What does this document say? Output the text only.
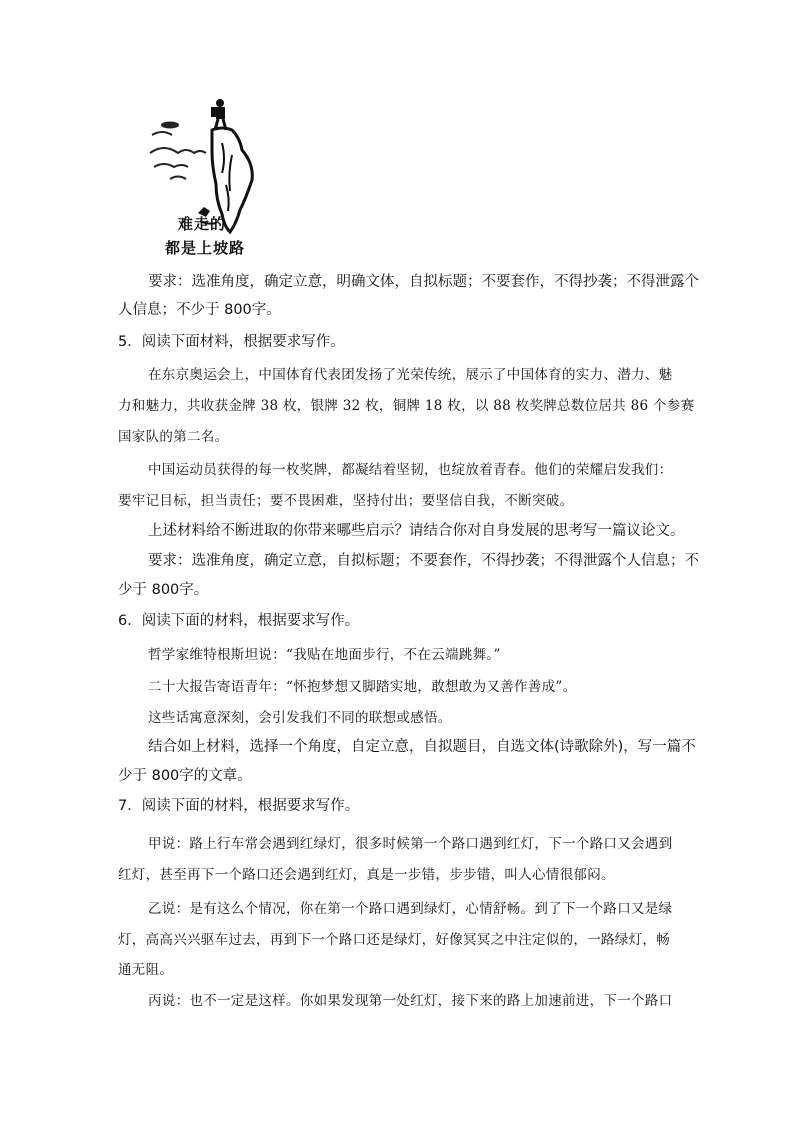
难走的
都是上坡路
要求：选准角度，确定立意，明确文体，自拟标题；不要套作，不得抄袭；不得泄露个
人信息；不少于 800字。
5．阅读下面材料，根据要求写作。
在东京奥运会上，中国体育代表团发扬了光荣传统，展示了中国体育的实力、潜力、魅
力和魅力，共收获金牌 38 枚，银牌 32 枚，铜牌 18 枚，以 88 枚奖牌总数位居共 86 个参赛
国家队的第二名。
中国运动员获得的每一枚奖牌，都凝结着坚韧，也绽放着青春。他们的荣耀启发我们：
要牢记目标，担当责任；要不畏困难，坚持付出；要坚信自我，不断突破。
上述材料给不断进取的你带来哪些启示？请结合你对自身发展的思考写一篇议论文。
要求：选准角度，确定立意，自拟标题；不要套作，不得抄袭；不得泄露个人信息；不
少于 800字。
6．阅读下面的材料，根据要求写作。
哲学家维特根斯坦说：“我贴在地面步行，不在云端跳舞。”
二十大报告寄语青年：“怀抱梦想又脚踏实地，敢想敢为又善作善成”。
这些话寓意深刻，会引发我们不同的联想或感悟。
结合如上材料，选择一个角度，自定立意，自拟题目，自选文体(诗歌除外)，写一篇不
少于 800字的文章。
7．阅读下面的材料，根据要求写作。
甲说：路上行车常会遇到红绿灯，很多时候第一个路口遇到红灯，下一个路口又会遇到
红灯，甚至再下一个路口还会遇到红灯，真是一步错，步步错，叫人心情很郁闷。
乙说：是有这么个情况，你在第一个路口遇到绿灯，心情舒畅。到了下一个路口又是绿
灯，高高兴兴驱车过去，再到下一个路口还是绿灯，好像冥冥之中注定似的，一路绿灯，畅
通无阻。
丙说：也不一定是这样。你如果发现第一处红灯，接下来的路上加速前进，下一个路口
